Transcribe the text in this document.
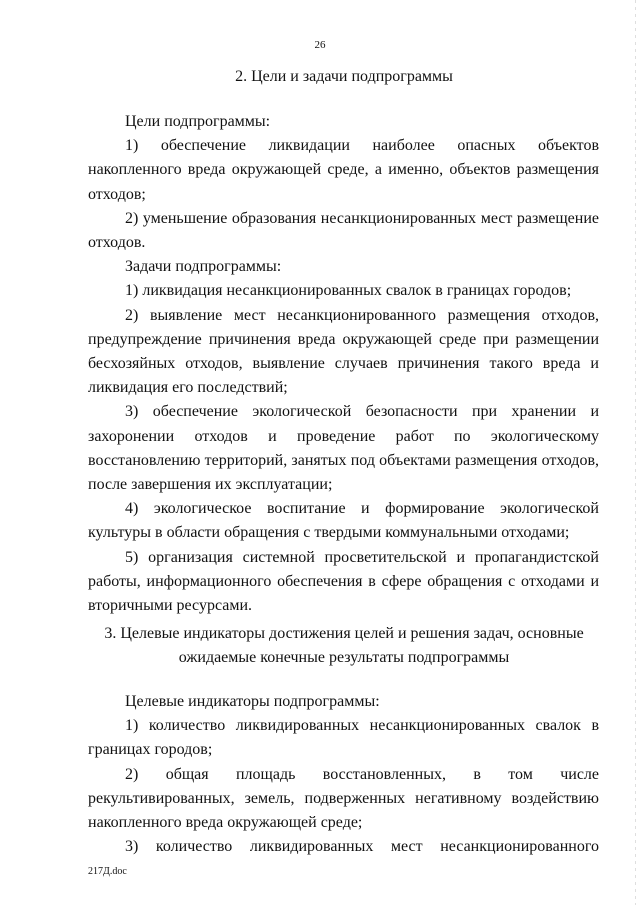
26
2. Цели и задачи подпрограммы

Цели подпрограммы:

1) обеспечение ликвидации наиболее опасных объектов накопленного вреда окружающей среде, а именно, объектов размещения отходов;

2) уменьшение образования несанкционированных мест размещение отходов.

Задачи подпрограммы:

1) ликвидация несанкционированных свалок в границах городов;

2) выявление мест несанкционированного размещения отходов, предупреждение причинения вреда окружающей среде при размещении бесхозяйных отходов, выявление случаев причинения такого вреда и ликвидация его последствий;

3) обеспечение экологической безопасности при хранении и захоронении отходов и проведение работ по экологическому восстановлению территорий, занятых под объектами размещения отходов, после завершения их эксплуатации;

4) экологическое воспитание и формирование экологической культуры в области обращения с твердыми коммунальными отходами;

5) организация системной просветительской и пропагандистской работы, информационного обеспечения в сфере обращения с отходами и вторичными ресурсами.

3. Целевые индикаторы достижения целей и решения задач, основные
ожидаемые конечные результаты подпрограммы

Целевые индикаторы подпрограммы:

1) количество ликвидированных несанкционированных свалок в границах городов;

2) общая площадь восстановленных, в том числе рекультивированных, земель, подверженных негативному воздействию накопленного вреда окружающей среде;

3) количество ликвидированных мест несанкционированного

217Д.doc
